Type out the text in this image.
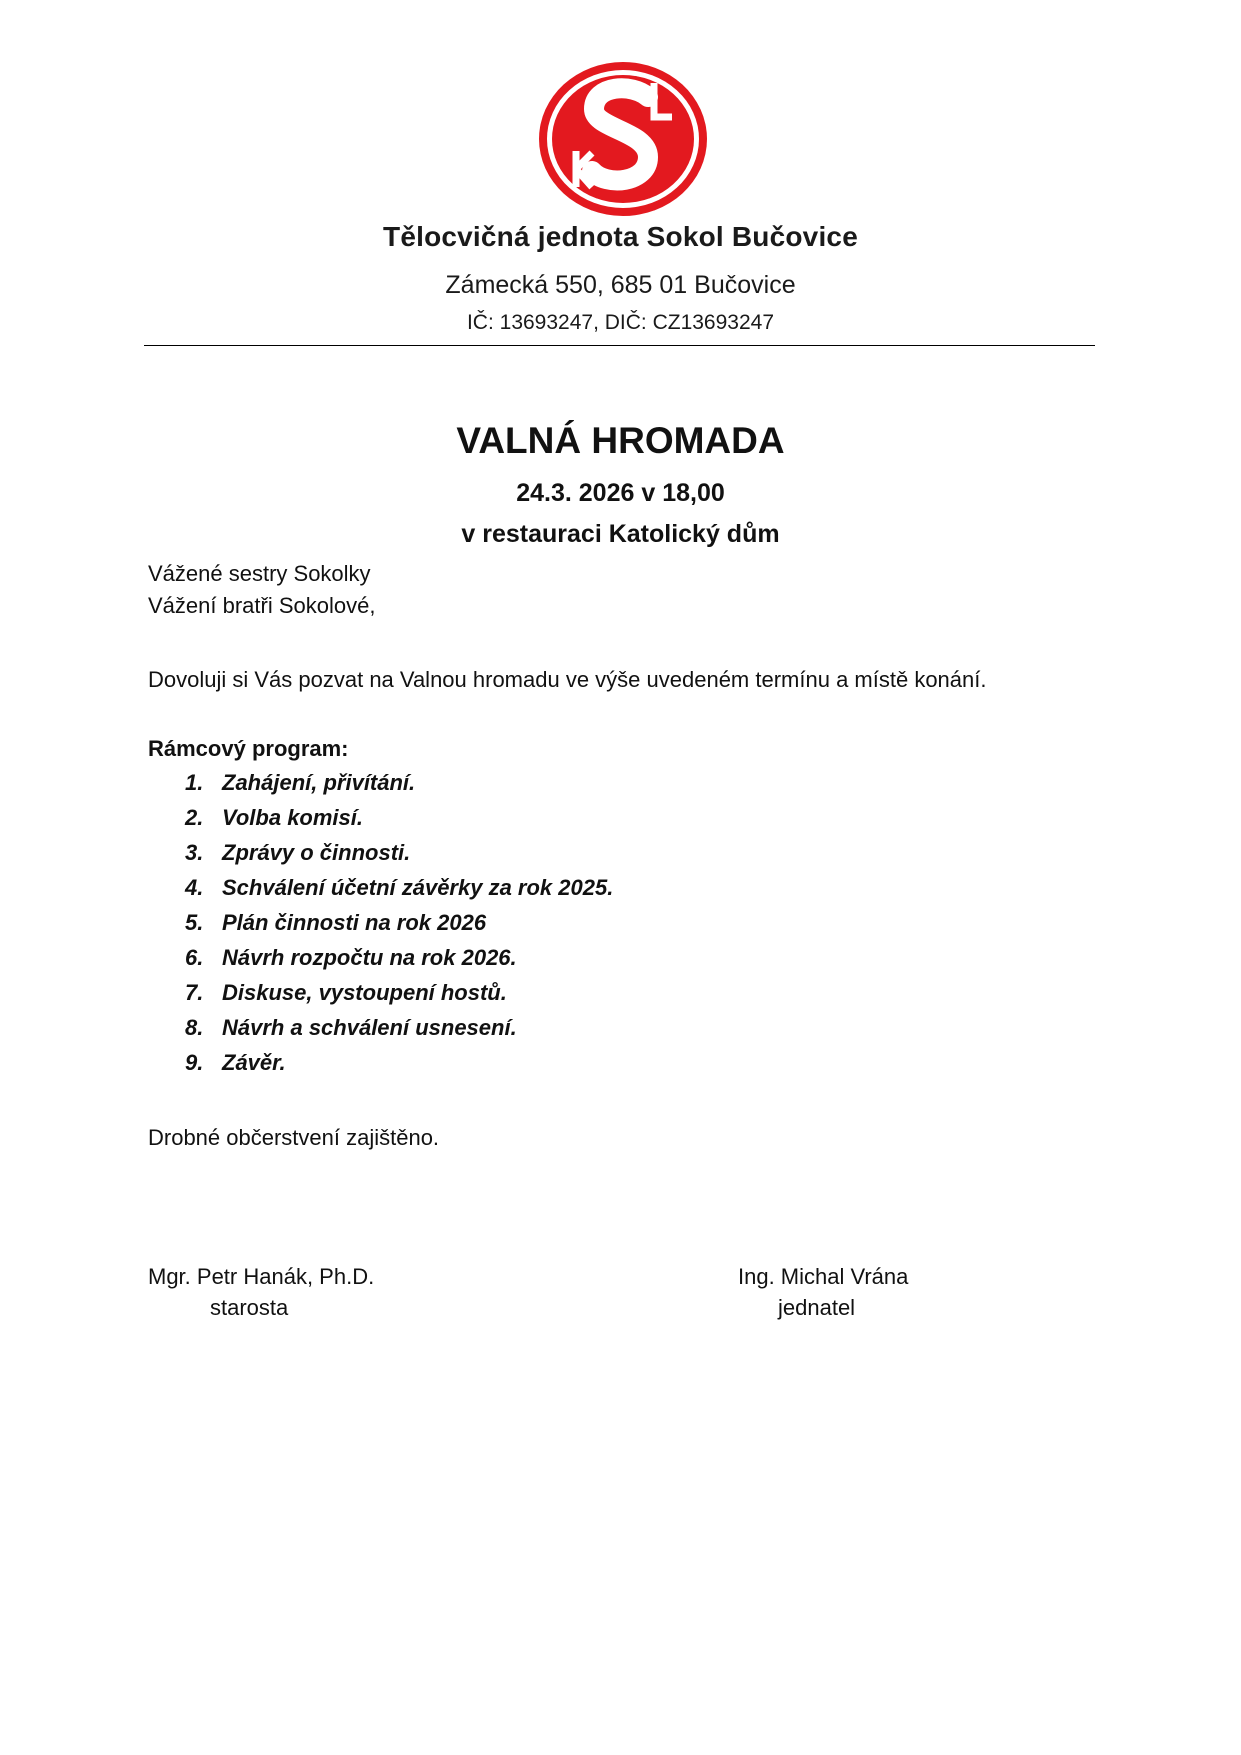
Tělocvičná jednota Sokol Bučovice
Zámecká 550, 685 01 Bučovice
IČ: 13693247, DIČ: CZ13693247
VALNÁ HROMADA
24.3. 2026 v 18,00
v restauraci Katolický dům
Vážené sestry Sokolky
Vážení bratři Sokolové,
Dovoluji si Vás pozvat na Valnou hromadu ve výše uvedeném termínu a místě konání.
Rámcový program:
1. Zahájení, přivítání.
2. Volba komisí.
3. Zprávy o činnosti.
4. Schválení účetní závěrky za rok 2025.
5. Plán činnosti na rok 2026
6. Návrh rozpočtu na rok 2026.
7. Diskuse, vystoupení hostů.
8. Návrh a schválení usnesení.
9. Závěr.
Drobné občerstvení zajištěno.
Mgr. Petr Hanák, Ph.D.
starosta
Ing. Michal Vrána
jednatel
